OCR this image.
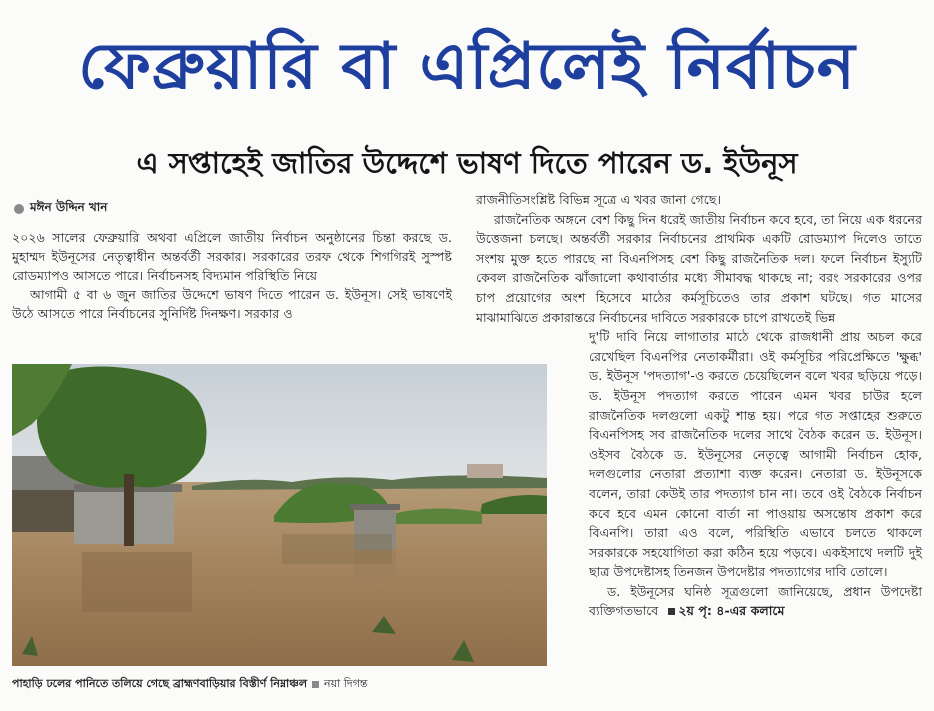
ফেব্রুয়ারি বা এপ্রিলেই নির্বাচন
এ সপ্তাহেই জাতির উদ্দেশে ভাষণ দিতে পারেন ড. ইউনূস
মঈন উদ্দিন খান

২০২৬ সালের ফেব্রুয়ারি অথবা এপ্রিলে জাতীয় নির্বাচন অনুষ্ঠানের চিন্তা করছে ড. মুহাম্মদ ইউনূসের নেতৃত্বাধীন অন্তর্বর্তী সরকার। সরকারের তরফ থেকে শিগগিরই সুস্পষ্ট রোডম্যাপও আসতে পারে। নির্বাচনসহ বিদ্যমান পরিস্থিতি নিয়ে

আগামী ৫ বা ৬ জুন জাতির উদ্দেশে ভাষণ দিতে পারেন ড. ইউনূস। সেই ভাষণেই উঠে আসতে পারে নির্বাচনের সুনির্দিষ্ট দিনক্ষণ। সরকার ও

পাহাড়ি ঢলের পানিতে তলিয়ে গেছে ব্রাহ্মণবাড়িয়ার বিস্তীর্ণ নিম্নাঞ্চল নয়া দিগন্ত

রাজনীতিসংশ্লিষ্ট বিভিন্ন সূত্রে এ খবর জানা গেছে।

রাজনৈতিক অঙ্গনে বেশ কিছু দিন ধরেই জাতীয় নির্বাচন কবে হবে, তা নিয়ে এক ধরনের উত্তেজনা চলছে। অন্তর্বর্তী সরকার নির্বাচনের প্রাথমিক একটি রোডম্যাপ দিলেও তাতে সংশয় মুক্ত হতে পারছে না বিএনপিসহ বেশ কিছু রাজনৈতিক দল। ফলে নির্বাচন ইস্যুটি কেবল রাজনৈতিক ঝাঁজালো কথাবার্তার মধ্যে সীমাবদ্ধ থাকছে না; বরং সরকারের ওপর চাপ প্রয়োগের অংশ হিসেবে মাঠের কর্মসূচিতেও তার প্রকাশ ঘটছে। গত মাসের মাঝামাঝিতে প্রকারান্তরে নির্বাচনের দাবিতে সরকারকে চাপে রাখতেই ভিন্ন

দু'টি দাবি নিয়ে লাগাতার মাঠে থেকে রাজধানী প্রায় অচল করে রেখেছিল বিএনপির নেতাকর্মীরা। ওই কর্মসূচির পরিপ্রেক্ষিতে 'ক্ষুব্ধ' ড. ইউনূস 'পদত্যাগ'-ও করতে চেয়েছিলেন বলে খবর ছড়িয়ে পড়ে। ড. ইউনূস পদত্যাগ করতে পারেন এমন খবর চাউর হলে রাজনৈতিক দলগুলো একটু শান্ত হয়। পরে গত সপ্তাহের শুরুতে বিএনপিসহ সব রাজনৈতিক দলের সাথে বৈঠক করেন ড. ইউনূস। ওইসব বৈঠকে ড. ইউনূসের নেতৃত্বে আগামী নির্বাচন হোক, দলগুলোর নেতারা প্রত্যাশা ব্যক্ত করেন। নেতারা ড. ইউনূসকে বলেন, তারা কেউই তার পদত্যাগ চান না। তবে ওই বৈঠকে নির্বাচন কবে হবে এমন কোনো বার্তা না পাওয়ায় অসন্তোষ প্রকাশ করে বিএনপি। তারা এও বলে, পরিস্থিতি এভাবে চলতে থাকলে সরকারকে সহযোগিতা করা কঠিন হয়ে পড়বে। একইসাথে দলটি দুই ছাত্র উপদেষ্টাসহ তিনজন উপদেষ্টার পদত্যাগের দাবি তোলে।

ড. ইউনূসের ঘনিষ্ঠ সূত্রগুলো জানিয়েছে, প্রধান উপদেষ্টা ব্যক্তিগতভাবে ২য় পৃ: ৪-এর কলামে
